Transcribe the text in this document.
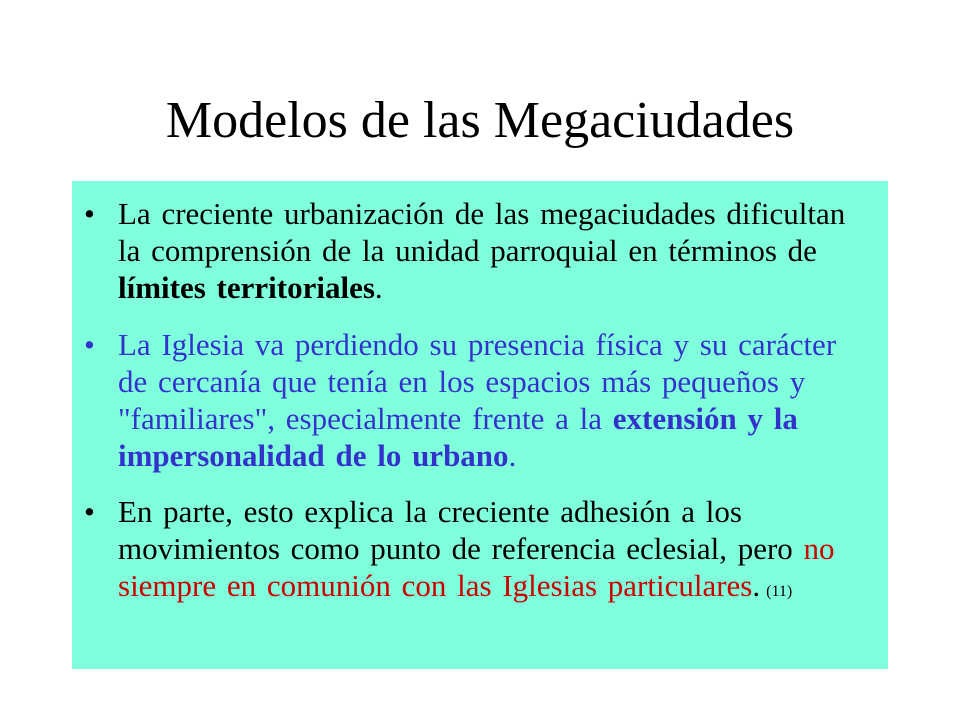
Modelos de las Megaciudades
• La creciente urbanización de las megaciudades dificultan la comprensión de la unidad parroquial en términos de límites territoriales.
• La Iglesia va perdiendo su presencia física y su carácter de cercanía que tenía en los espacios más pequeños y "familiares", especialmente frente a la extensión y la impersonalidad de lo urbano.
• En parte, esto explica la creciente adhesión a los movimientos como punto de referencia eclesial, pero no siempre en comunión con las Iglesias particulares. (11)
